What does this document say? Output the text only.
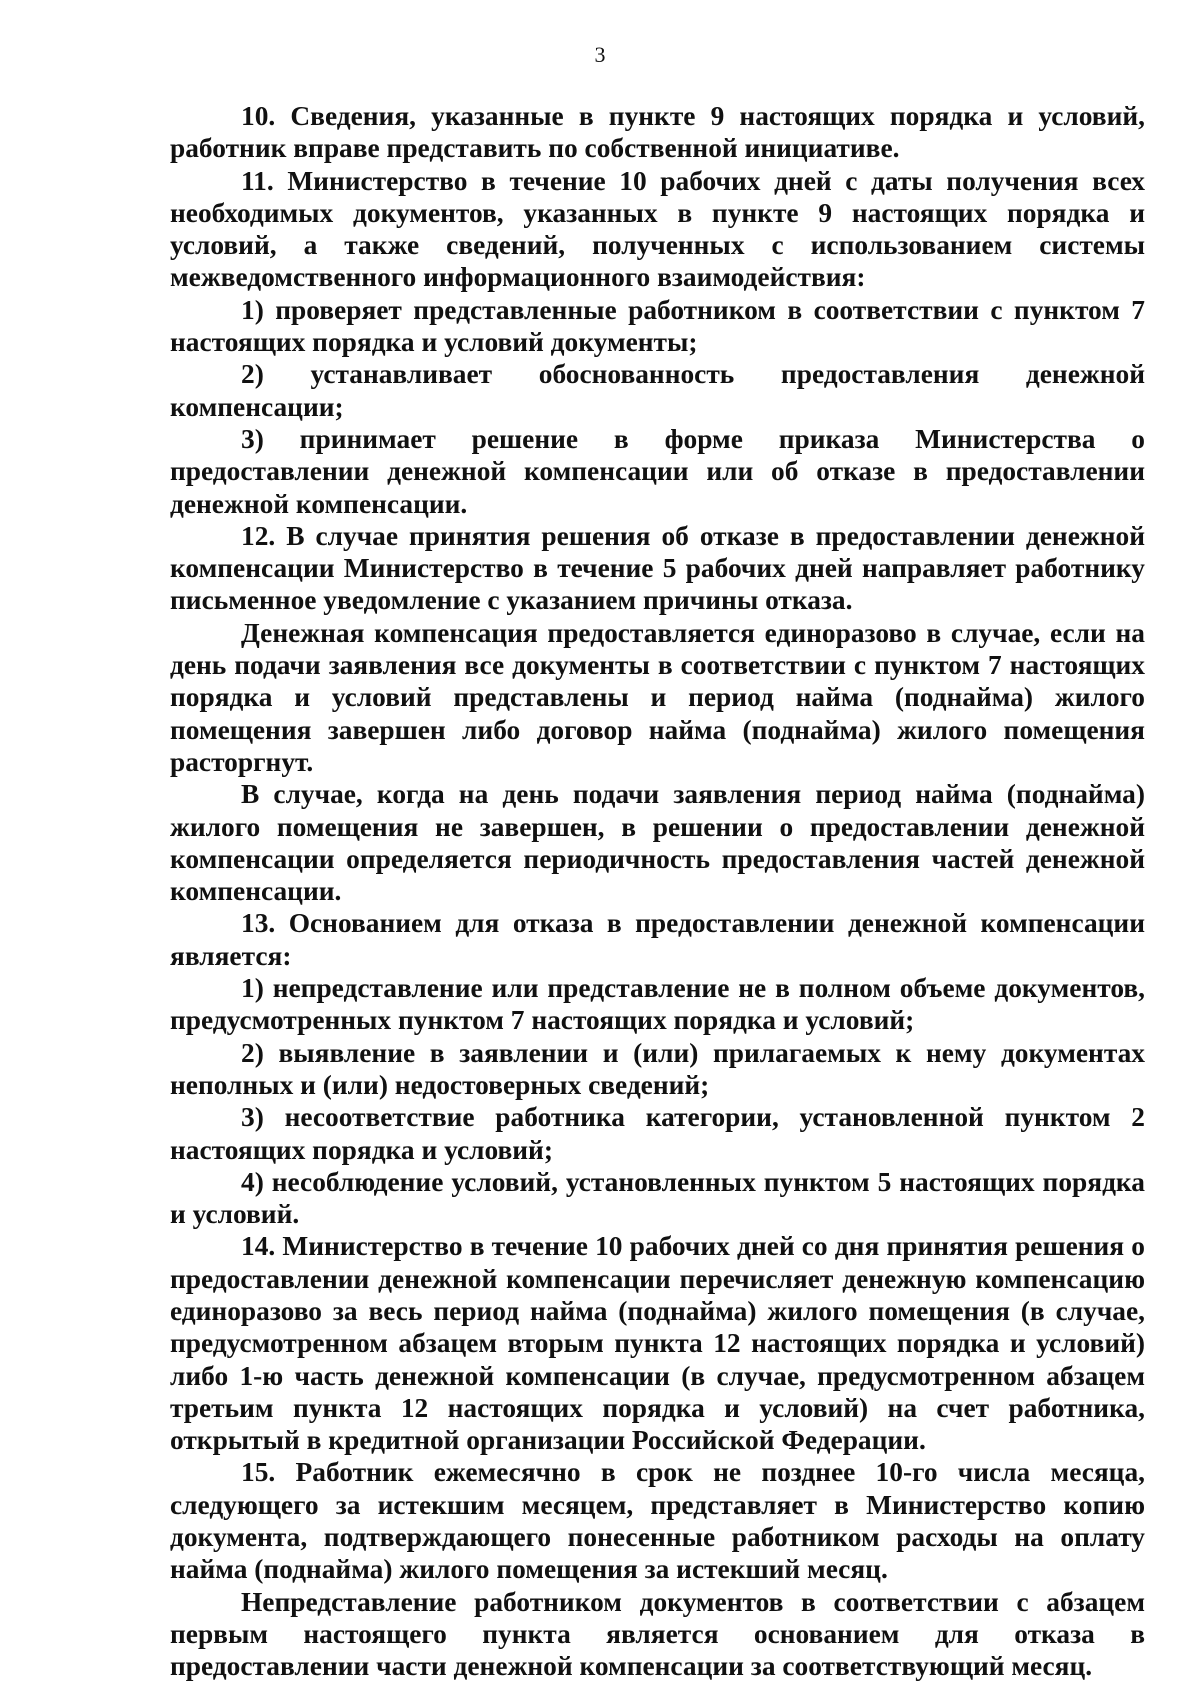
3

10. Сведения, указанные в пункте 9 настоящих порядка и условий, работник вправе представить по собственной инициативе.

11. Министерство в течение 10 рабочих дней с даты получения всех необходимых документов, указанных в пункте 9 настоящих порядка и условий, а также сведений, полученных с использованием системы межведомственного информационного взаимодействия:

1) проверяет представленные работником в соответствии с пунктом 7 настоящих порядка и условий документы;

2) устанавливает обоснованность предоставления денежной компенсации;

3) принимает решение в форме приказа Министерства о предоставлении денежной компенсации или об отказе в предоставлении денежной компенсации.

12. В случае принятия решения об отказе в предоставлении денежной компенсации Министерство в течение 5 рабочих дней направляет работнику письменное уведомление с указанием причины отказа.

Денежная компенсация предоставляется единоразово в случае, если на день подачи заявления все документы в соответствии с пунктом 7 настоящих порядка и условий представлены и период найма (поднайма) жилого помещения завершен либо договор найма (поднайма) жилого помещения расторгнут.

В случае, когда на день подачи заявления период найма (поднайма) жилого помещения не завершен, в решении о предоставлении денежной компенсации определяется периодичность предоставления частей денежной компенсации.

13. Основанием для отказа в предоставлении денежной компенсации является:

1) непредставление или представление не в полном объеме документов, предусмотренных пунктом 7 настоящих порядка и условий;

2) выявление в заявлении и (или) прилагаемых к нему документах неполных и (или) недостоверных сведений;

3) несоответствие работника категории, установленной пунктом 2 настоящих порядка и условий;

4) несоблюдение условий, установленных пунктом 5 настоящих порядка и условий.

14. Министерство в течение 10 рабочих дней со дня принятия решения о предоставлении денежной компенсации перечисляет денежную компенсацию единоразово за весь период найма (поднайма) жилого помещения (в случае, предусмотренном абзацем вторым пункта 12 настоящих порядка и условий) либо 1-ю часть денежной компенсации (в случае, предусмотренном абзацем третьим пункта 12 настоящих порядка и условий) на счет работника, открытый в кредитной организации Российской Федерации.

15. Работник ежемесячно в срок не позднее 10-го числа месяца, следующего за истекшим месяцем, представляет в Министерство копию документа, подтверждающего понесенные работником расходы на оплату найма (поднайма) жилого помещения за истекший месяц.

Непредставление работником документов в соответствии с абзацем первым настоящего пункта является основанием для отказа в предоставлении части денежной компенсации за соответствующий месяц.
